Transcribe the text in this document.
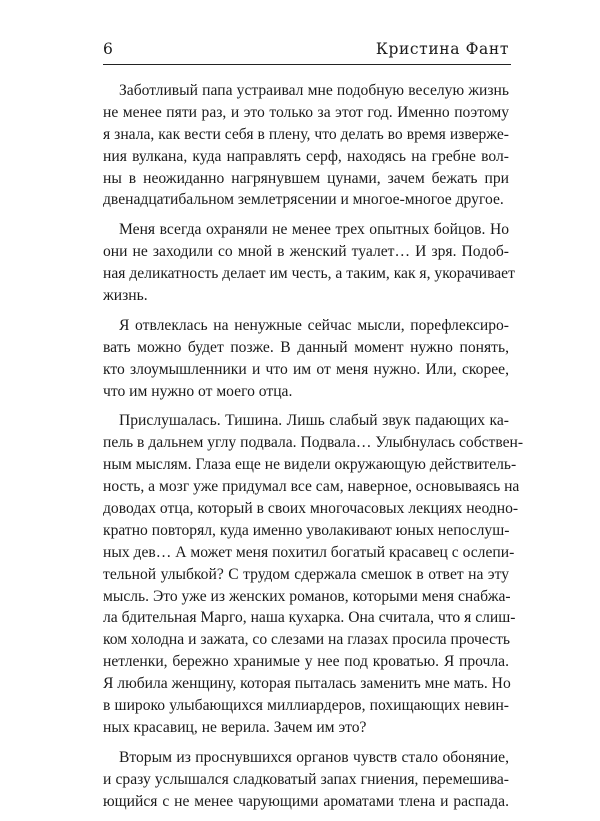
6	Кристина Фант
Заботливый папа устраивал мне подобную веселую жизнь
не менее пяти раз, и это только за этот год. Именно поэтому
я знала, как вести себя в плену, что делать во время изверже-
ния вулкана, куда направлять серф, находясь на гребне вол-
ны в неожиданно нагрянувшем цунами, зачем бежать при
двенадцатибальном землетрясении и многое-многое другое.
Меня всегда охраняли не менее трех опытных бойцов. Но
они не заходили со мной в женский туалет… И зря. Подоб-
ная деликатность делает им честь, а таким, как я, укорачивает
жизнь.
Я отвлеклась на ненужные сейчас мысли, порефлексиро-
вать можно будет позже. В данный момент нужно понять,
кто злоумышленники и что им от меня нужно. Или, скорее,
что им нужно от моего отца.
Прислушалась. Тишина. Лишь слабый звук падающих ка-
пель в дальнем углу подвала. Подвала… Улыбнулась собствен-
ным мыслям. Глаза еще не видели окружающую действитель-
ность, а мозг уже придумал все сам, наверное, основываясь на
доводах отца, который в своих многочасовых лекциях неодно-
кратно повторял, куда именно уволакивают юных непослуш-
ных дев… А может меня похитил богатый красавец с ослепи-
тельной улыбкой? С трудом сдержала смешок в ответ на эту
мысль. Это уже из женских романов, которыми меня снабжа-
ла бдительная Марго, наша кухарка. Она считала, что я слиш-
ком холодна и зажата, со слезами на глазах просила прочесть
нетленки, бережно хранимые у нее под кроватью. Я прочла.
Я любила женщину, которая пыталась заменить мне мать. Но
в широко улыбающихся миллиардеров, похищающих невин-
ных красавиц, не верила. Зачем им это?
Вторым из проснувшихся органов чувств стало обоняние,
и сразу услышался сладковатый запах гниения, перемешива-
ющийся с не менее чарующими ароматами тлена и распада.
